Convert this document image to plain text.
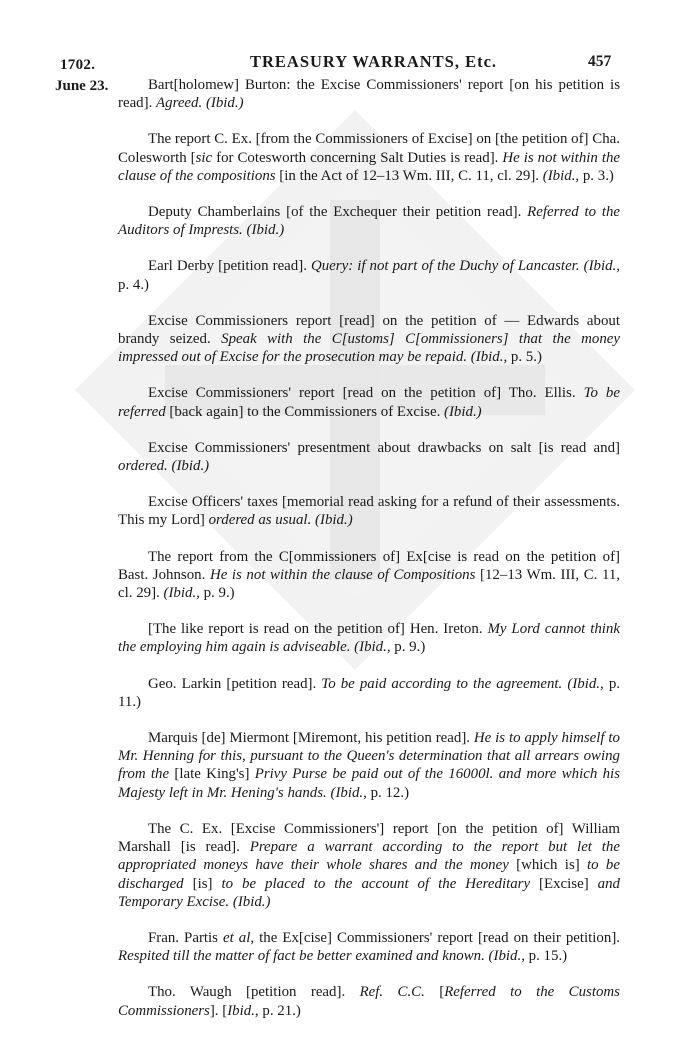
1702.	TREASURY WARRANTS, Etc.	457
June 23.	Bart[holomew] Burton: the Excise Commissioners' report [on his petition is read]. Agreed. (Ibid.)

The report C. Ex. [from the Commissioners of Excise] on [the petition of] Cha. Colesworth [sic for Cotesworth concerning Salt Duties is read]. He is not within the clause of the compositions [in the Act of 12–13 Wm. III, C. 11, cl. 29]. (Ibid., p. 3.)

Deputy Chamberlains [of the Exchequer their petition read]. Referred to the Auditors of Imprests. (Ibid.)

Earl Derby [petition read]. Query: if not part of the Duchy of Lancaster. (Ibid., p. 4.)

Excise Commissioners report [read] on the petition of — Edwards about brandy seized. Speak with the C[ustoms] C[ommissioners] that the money impressed out of Excise for the prosecution may be repaid. (Ibid., p. 5.)

Excise Commissioners' report [read on the petition of] Tho. Ellis. To be referred [back again] to the Commissioners of Excise. (Ibid.)

Excise Commissioners' presentment about drawbacks on salt [is read and] ordered. (Ibid.)

Excise Officers' taxes [memorial read asking for a refund of their assessments. This my Lord] ordered as usual. (Ibid.)

The report from the C[ommissioners of] Ex[cise is read on the petition of] Bast. Johnson. He is not within the clause of Compositions [12–13 Wm. III, C. 11, cl. 29]. (Ibid., p. 9.)

[The like report is read on the petition of] Hen. Ireton. My Lord cannot think the employing him again is adviseable. (Ibid., p. 9.)

Geo. Larkin [petition read]. To be paid according to the agreement. (Ibid., p. 11.)

Marquis [de] Miermont [Miremont, his petition read]. He is to apply himself to Mr. Henning for this, pursuant to the Queen's determination that all arrears owing from the [late King's] Privy Purse be paid out of the 16000l. and more which his Majesty left in Mr. Hening's hands. (Ibid., p. 12.)

The C. Ex. [Excise Commissioners'] report [on the petition of] William Marshall [is read]. Prepare a warrant according to the report but let the appropriated moneys have their whole shares and the money [which is] to be discharged [is] to be placed to the account of the Hereditary [Excise] and Temporary Excise. (Ibid.)

Fran. Partis et al, the Ex[cise] Commissioners' report [read on their petition]. Respited till the matter of fact be better examined and known. (Ibid., p. 15.)

Tho. Waugh [petition read]. Ref. C.C. [Referred to the Customs Commissioners]. [Ibid., p. 21.)
